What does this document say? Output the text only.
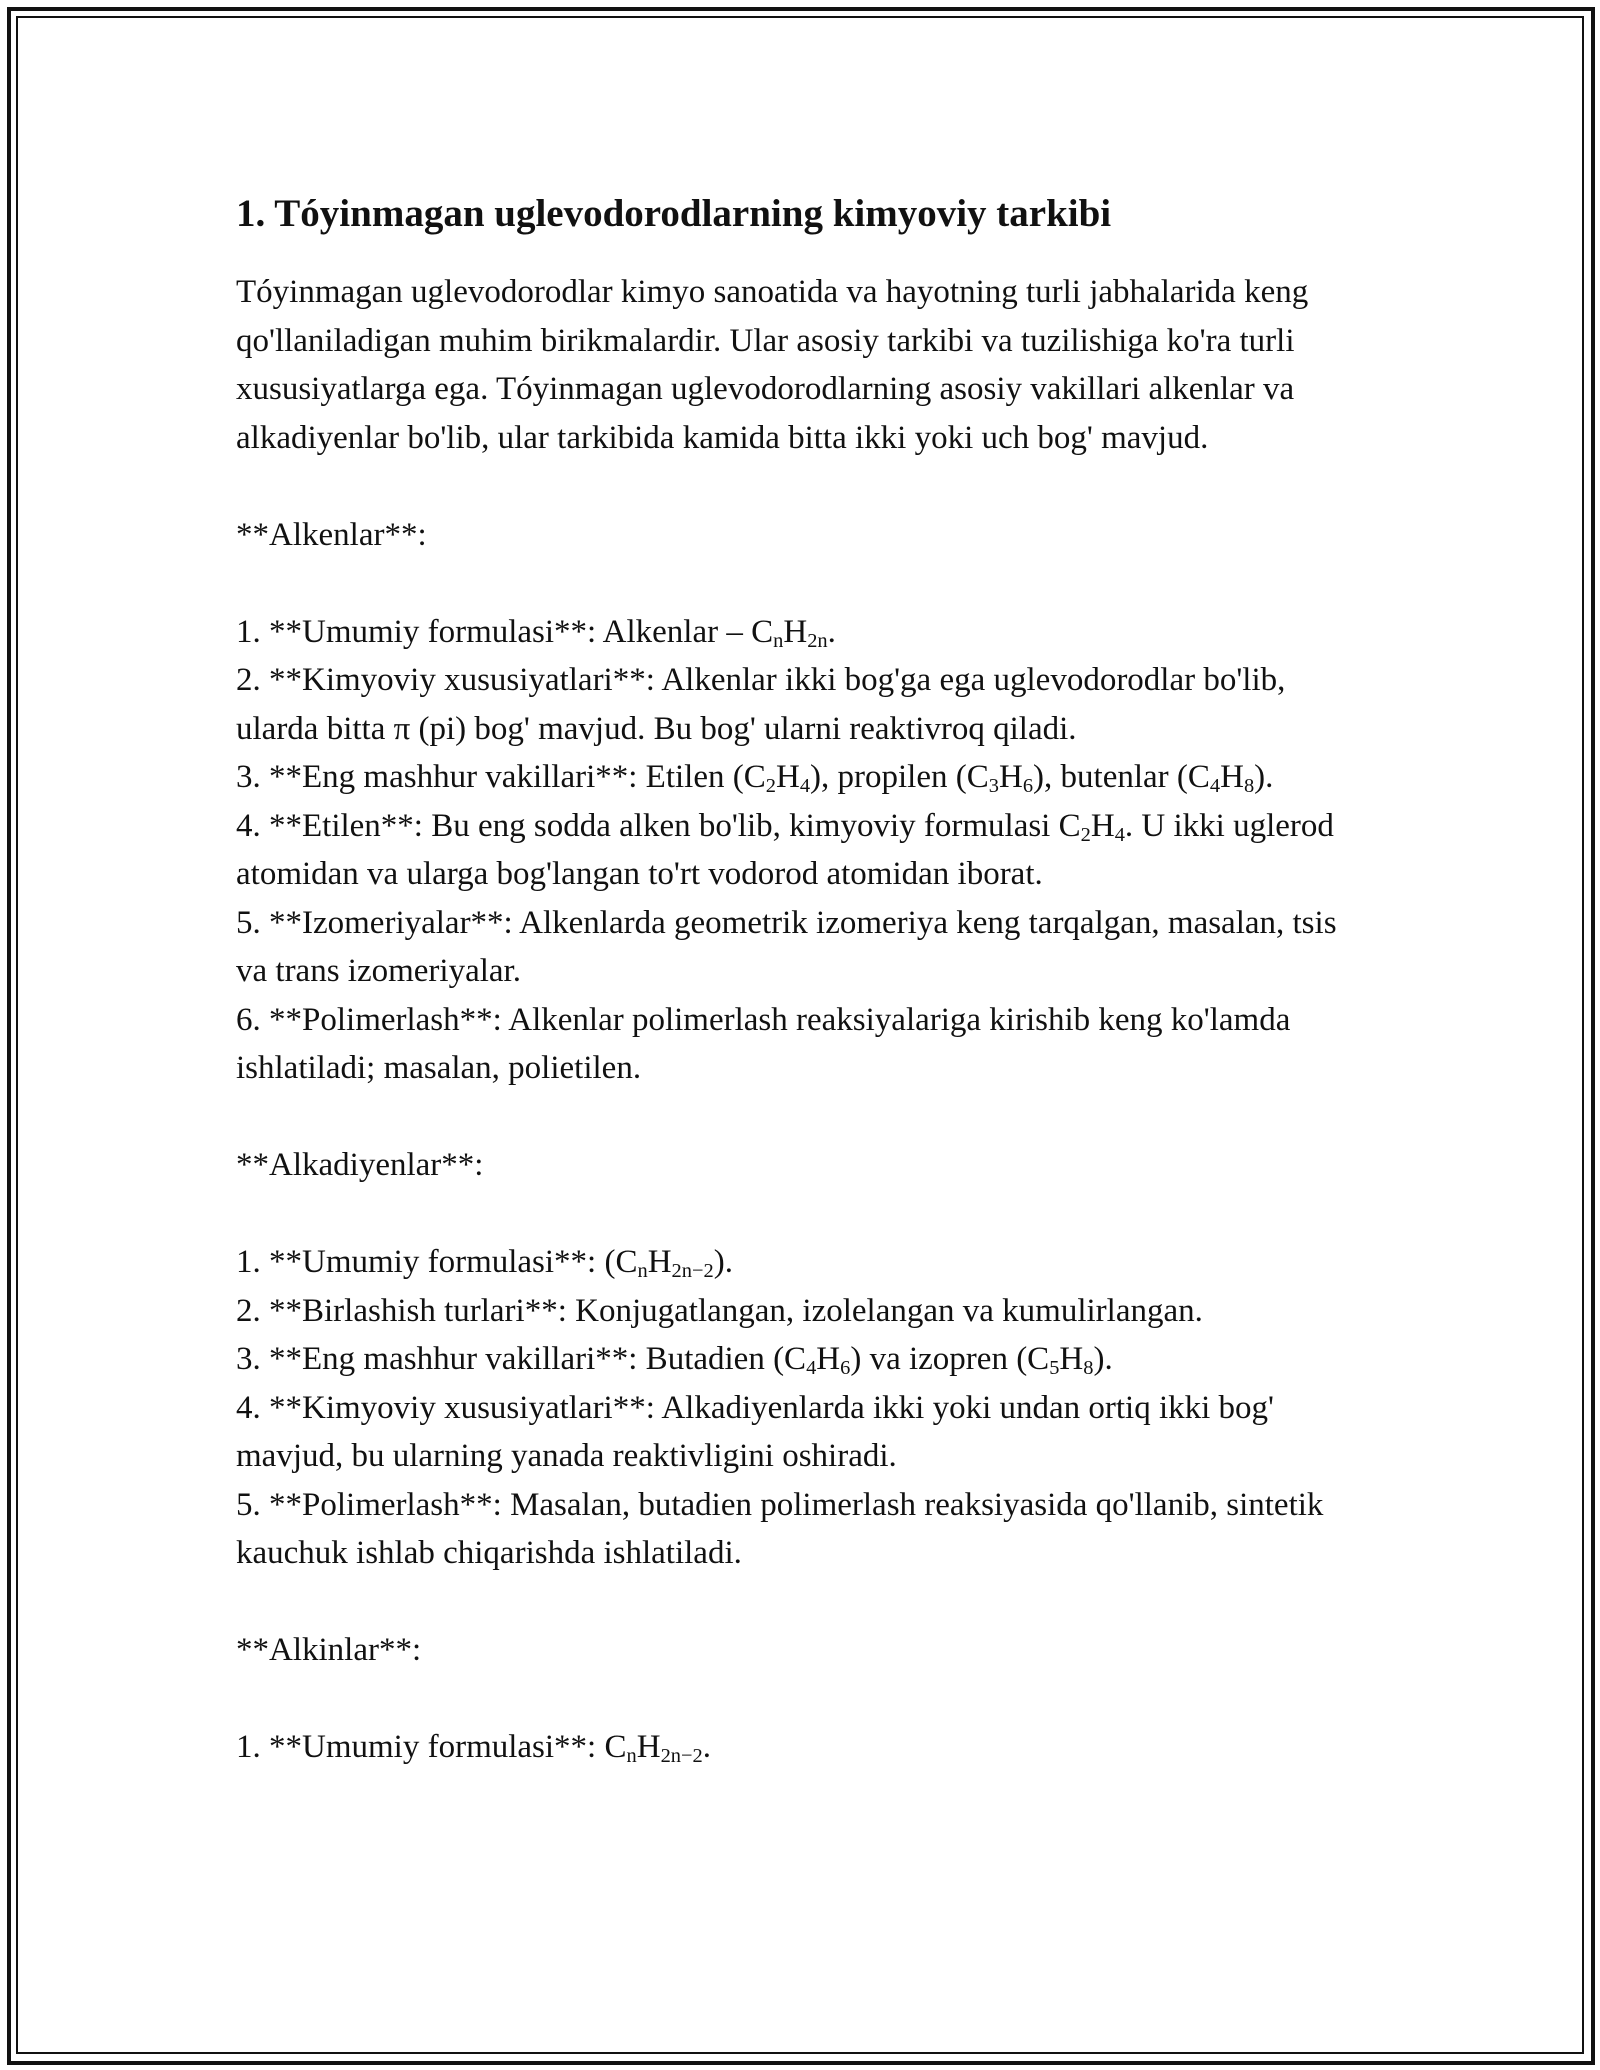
1. Tóyinmagan uglevodorodlarning kimyoviy tarkibi

Tóyinmagan uglevodorodlar kimyo sanoatida va hayotning turli jabhalarida keng qo'llaniladigan muhim birikmalardir. Ular asosiy tarkibi va tuzilishiga ko'ra turli xususiyatlarga ega. Tóyinmagan uglevodorodlarning asosiy vakillari alkenlar va alkadiyenlar bo'lib, ular tarkibida kamida bitta ikki yoki uch bog' mavjud.

**Alkenlar**:

1. **Umumiy formulasi**: Alkenlar – $C_nH_{2n}$.

2. **Kimyoviy xususiyatlari**: Alkenlar ikki bog'ga ega uglevodorodlar bo'lib, ularda bitta π (pi) bog' mavjud. Bu bog' ularni reaktivroq qiladi.

3. **Eng mashhur vakillari**: Etilen $(C_2H_4)$, propilen $(C_3H_6)$, butenlar $(C_4H_8)$.

4. **Etilen**: Bu eng sodda alken bo'lib, kimyoviy formulasi $C_2H_4$. U ikki uglerod atomidan va ularga bog'langan to'rt vodorod atomidan iborat.

5. **Izomeriyalar**: Alkenlarda geometrik izomeriya keng tarqalgan, masalan, tsis va trans izomeriyalar.

6. **Polimerlash**: Alkenlar polimerlash reaksiyalariga kirishib keng ko'lamda ishlatiladi; masalan, polietilen.

**Alkadiyenlar**:

1. **Umumiy formulasi**: $(C_nH_{2n-2})$.

2. **Birlashish turlari**: Konjugatlangan, izolelangan va kumulirlangan.

3. **Eng mashhur vakillari**: Butadien $(C_4H_6)$ va izopren $(C_5H_8)$.

4. **Kimyoviy xususiyatlari**: Alkadiyenlarda ikki yoki undan ortiq ikki bog' mavjud, bu ularning yanada reaktivligini oshiradi.

5. **Polimerlash**: Masalan, butadien polimerlash reaksiyasida qo'llanib, sintetik kauchuk ishlab chiqarishda ishlatiladi.

**Alkinlar**:

1. **Umumiy formulasi**: $C_nH_{2n-2}$.
